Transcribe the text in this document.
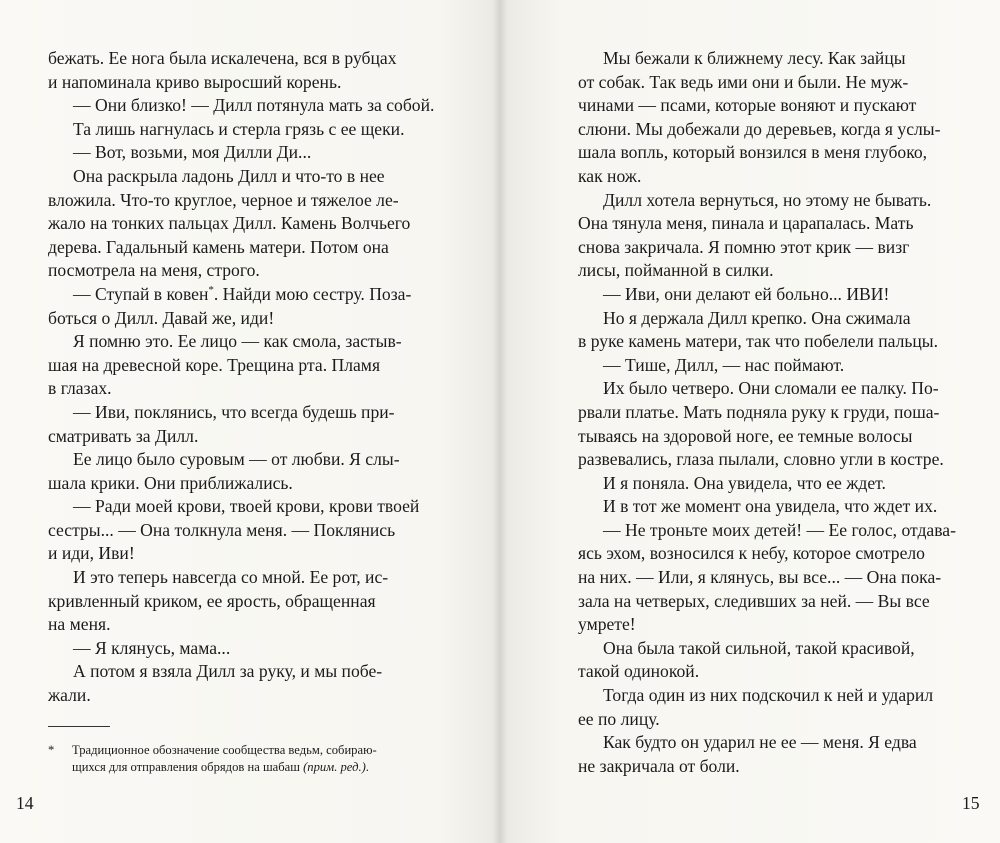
бежать. Ее нога была искалечена, вся в рубцах
и напоминала криво выросший корень.
— Они близко! — Дилл потянула мать за собой.
Та лишь нагнулась и стерла грязь с ее щеки.
— Вот, возьми, моя Дилли Ди...
Она раскрыла ладонь Дилл и что-то в нее
вложила. Что-то круглое, черное и тяжелое ле-
жало на тонких пальцах Дилл. Камень Волчьего
дерева. Гадальный камень матери. Потом она
посмотрела на меня, строго.
— Ступай в ковен*. Найди мою сестру. Поза-
боться о Дилл. Давай же, иди!
Я помню это. Ее лицо — как смола, застыв-
шая на древесной коре. Трещина рта. Пламя
в глазах.
— Иви, поклянись, что всегда будешь при-
сматривать за Дилл.
Ее лицо было суровым — от любви. Я слы-
шала крики. Они приближались.
— Ради моей крови, твоей крови, крови твоей
сестры... — Она толкнула меня. — Поклянись
и иди, Иви!
И это теперь навсегда со мной. Ее рот, ис-
кривленный криком, ее ярость, обращенная
на меня.
— Я клянусь, мама...
А потом я взяла Дилл за руку, и мы побе-
жали.
* Традиционное обозначение сообщества ведьм, собираю-
щихся для отправления обрядов на шабаш (прим. ред.).
14
Мы бежали к ближнему лесу. Как зайцы
от собак. Так ведь ими они и были. Не муж-
чинами — псами, которые воняют и пускают
слюни. Мы добежали до деревьев, когда я услы-
шала вопль, который вонзился в меня глубоко,
как нож.
Дилл хотела вернуться, но этому не бывать.
Она тянула меня, пинала и царапалась. Мать
снова закричала. Я помню этот крик — визг
лисы, пойманной в силки.
— Иви, они делают ей больно... ИВИ!
Но я держала Дилл крепко. Она сжимала
в руке камень матери, так что побелели пальцы.
— Тише, Дилл, — нас поймают.
Их было четверо. Они сломали ее палку. По-
рвали платье. Мать подняла руку к груди, поша-
тываясь на здоровой ноге, ее темные волосы
развевались, глаза пылали, словно угли в костре.
И я поняла. Она увидела, что ее ждет.
И в тот же момент она увидела, что ждет их.
— Не троньте моих детей! — Ее голос, отдава-
ясь эхом, возносился к небу, которое смотрело
на них. — Или, я клянусь, вы все... — Она пока-
зала на четверых, следивших за ней. — Вы все
умрете!
Она была такой сильной, такой красивой,
такой одинокой.
Тогда один из них подскочил к ней и ударил
ее по лицу.
Как будто он ударил не ее — меня. Я едва
не закричала от боли.
15
